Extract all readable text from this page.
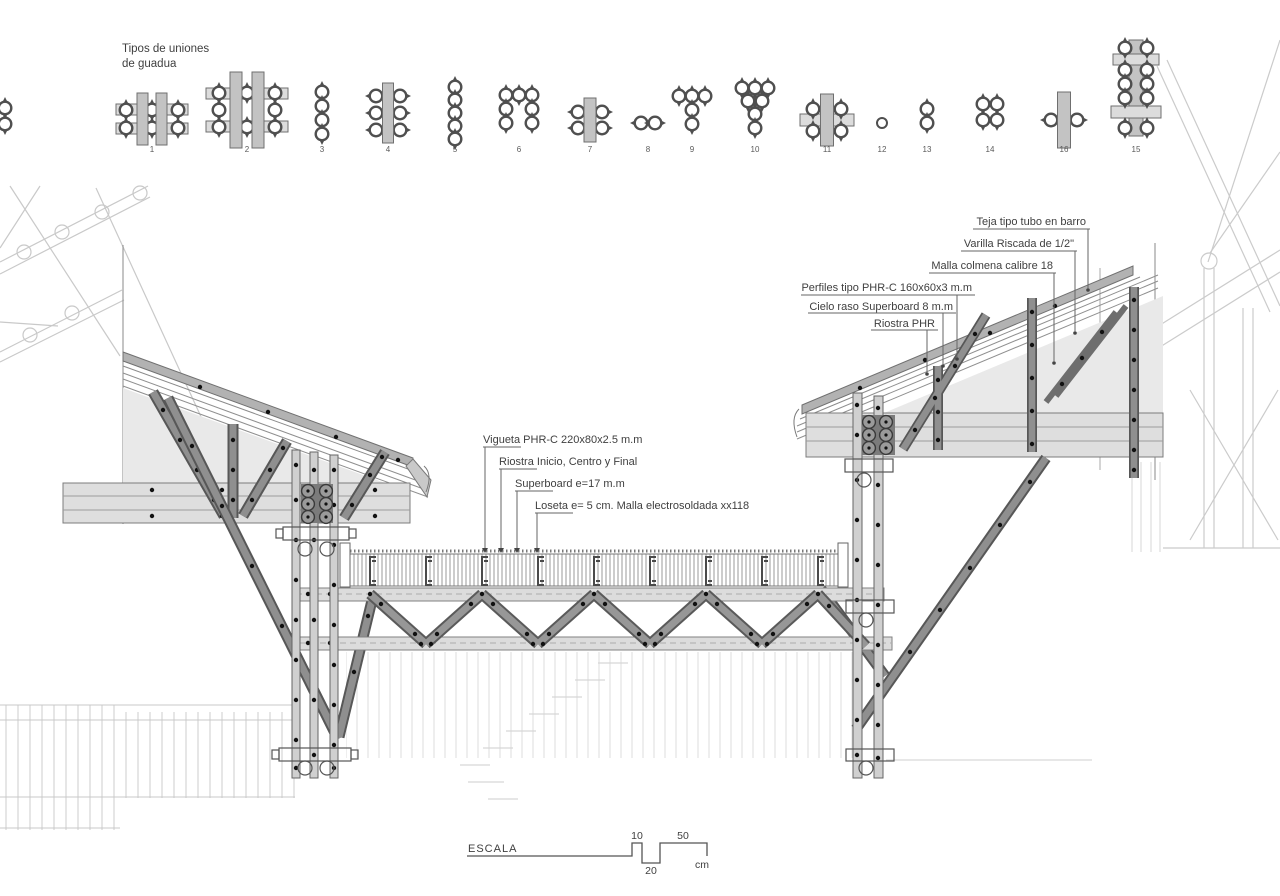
Vigueta PHR-C 220x80x2.5 m.m
Riostra Inicio, Centro y Final
Superboard e=17 m.m
Loseta e= 5 cm. Malla electrosoldada xx118
Teja tipo tubo en barro
Varilla Riscada de 1/2"
Malla colmena calibre 18
Perfiles tipo PHR-C 160x60x3 m.m
Cielo raso Superboard 8 m.m
Riostra PHR
Tipos de uniones
de guadua
1	2	3	4	5	6	7	8	9	10	11	12	13	14	16	15
ESCALA
10
20
50
cm
